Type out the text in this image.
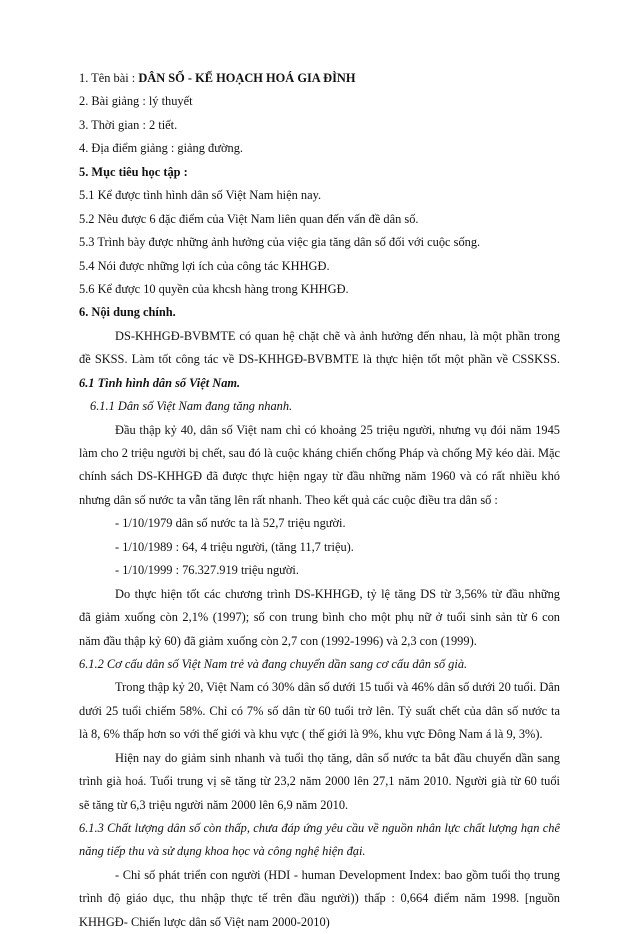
1. Tên bài : DÂN SỐ - KẾ HOẠCH HOÁ GIA ĐÌNH
2. Bài giảng : lý thuyết
3. Thời gian : 2 tiết.
4. Địa điểm giảng : giảng đường.
5. Mục tiêu học tập :
5.1 Kể được tình hình dân số Việt Nam hiện nay.
5.2 Nêu được 6 đặc điểm của Việt Nam liên quan đến vấn đề dân số.
5.3 Trình bày được những ảnh hưởng của việc gia tăng dân số đối với cuộc sống.
5.4 Nói được những lợi ích của công tác KHHGĐ.
5.6 Kể được 10 quyền của khcsh hàng trong KHHGĐ.
6. Nội dung chính.
DS-KHHGĐ-BVBMTE có quan hệ chặt chẽ và ảnh hưởng đến nhau, là một phần trong
đề SKSS. Làm tốt công tác về DS-KHHGĐ-BVBMTE là thực hiện tốt một phần về CSSKSS.
6.1 Tình hình dân số Việt Nam.
6.1.1 Dân số Việt Nam đang tăng nhanh.
Đầu thập kỷ 40, dân số Việt nam chỉ có khoảng 25 triệu người, nhưng vụ đói năm 1945
làm cho 2 triệu người bị chết, sau đó là cuộc kháng chiến chống Pháp và chống Mỹ kéo dài. Mặc
chính sách DS-KHHGĐ đã được thực hiện ngay từ đầu những năm 1960 và có rất nhiều khó
nhưng dân số nước ta vẫn tăng lên rất nhanh. Theo kết quả các cuộc điều tra dân số :
- 1/10/1979 dân số nước ta là 52,7 triệu người.
- 1/10/1989 : 64, 4 triệu người, (tăng 11,7 triệu).
- 1/10/1999 : 76.327.919 triệu người.
Do thực hiện tốt các chương trình DS-KHHGĐ, tỷ lệ tăng DS từ 3,56% từ đầu những
đã giảm xuống còn 2,1% (1997); số con trung bình cho một phụ nữ ở tuổi sinh sản từ 6 con
năm đầu thập kỷ 60) đã giảm xuống còn 2,7 con (1992-1996) và 2,3 con (1999).
6.1.2 Cơ cấu dân số Việt Nam trẻ và đang chuyển dần sang cơ cấu dân số già.
Trong thập kỷ 20, Việt Nam có 30% dân số dưới 15 tuổi và 46% dân số dưới 20 tuổi. Dân
dưới 25 tuổi chiếm 58%. Chỉ có 7% số dân từ 60 tuổi trở lên. Tỷ suất chết của dân số nước ta
là 8, 6% thấp hơn so với thế giới và khu vực ( thế giới là 9%, khu vực Đông Nam á là 9, 3%).
Hiện nay do giảm sinh nhanh và tuổi thọ tăng, dân số nước ta bắt đầu chuyển dần sang
trình già hoá. Tuổi trung vị sẽ tăng từ 23,2 năm 2000 lên 27,1 năm 2010. Người già từ 60 tuổi
sẽ tăng từ 6,3 triệu người năm 2000 lên 6,9 năm 2010.
6.1.3 Chất lượng dân số còn thấp, chưa đáp ứng yêu cầu về nguồn nhân lực chất lượng hạn chế
năng tiếp thu và sử dụng khoa học và công nghệ hiện đại.
- Chỉ số phát triển con người (HDI - human Development Index: bao gồm tuổi thọ trung
trình độ giáo dục, thu nhập thực tế trên đầu người)) thấp : 0,664 điểm năm 1998. [nguồn
KHHGĐ- Chiến lược dân số Việt nam 2000-2010)
